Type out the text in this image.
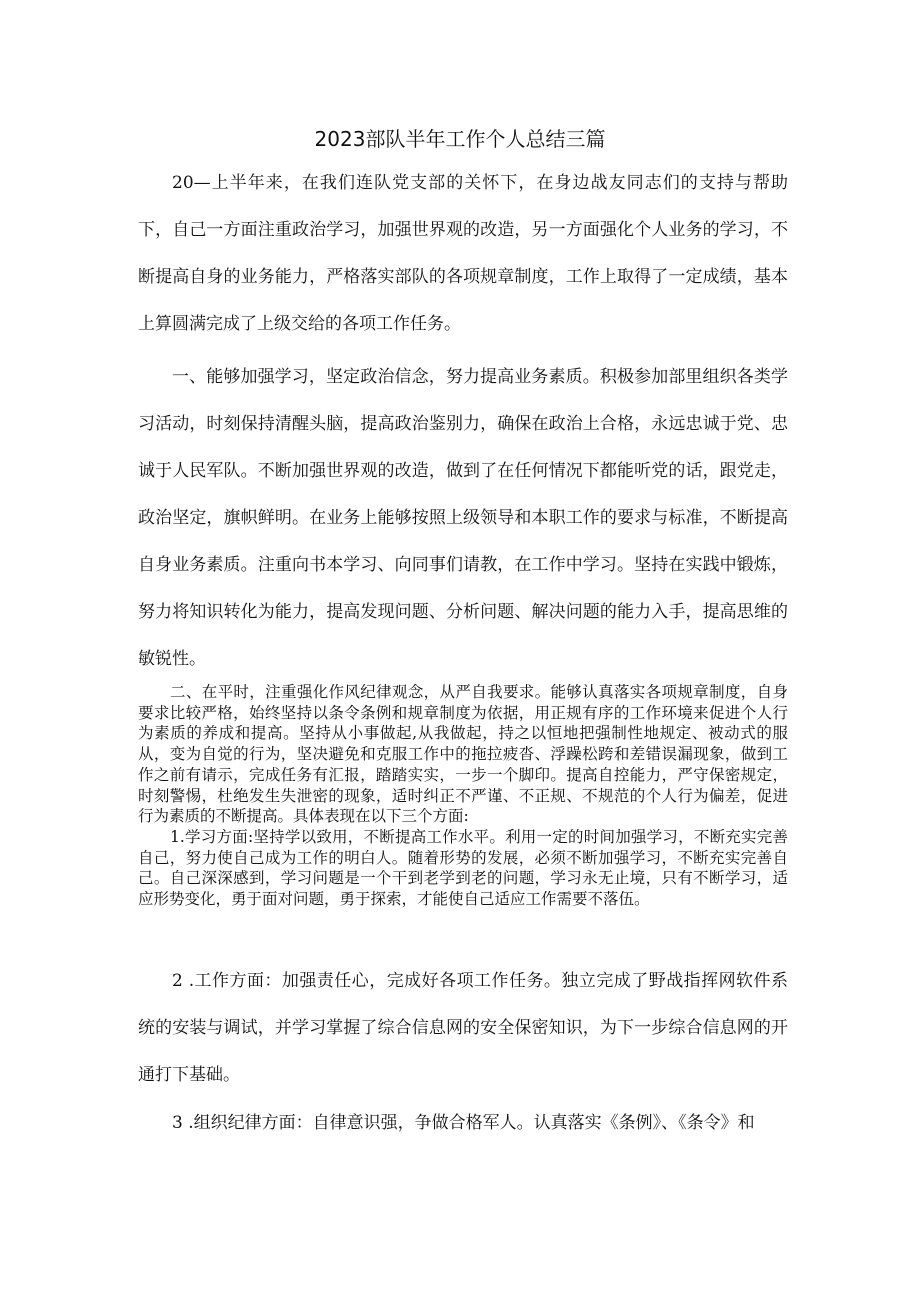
2023部队半年工作个人总结三篇

20—上半年来，在我们连队党支部的关怀下，在身边战友同志们的支持与帮助下，自己一方面注重政治学习，加强世界观的改造，另一方面强化个人业务的学习，不断提高自身的业务能力，严格落实部队的各项规章制度，工作上取得了一定成绩，基本上算圆满完成了上级交给的各项工作任务。

一、能够加强学习，坚定政治信念，努力提高业务素质。积极参加部里组织各类学习活动，时刻保持清醒头脑，提高政治鉴别力，确保在政治上合格，永远忠诚于党、忠诚于人民军队。不断加强世界观的改造，做到了在任何情况下都能听党的话，跟党走，政治坚定，旗帜鲜明。在业务上能够按照上级领导和本职工作的要求与标准，不断提高自身业务素质。注重向书本学习、向同事们请教，在工作中学习。坚持在实践中锻炼，努力将知识转化为能力，提高发现问题、分析问题、解决问题的能力入手，提高思维的敏锐性。

二、在平时，注重强化作风纪律观念，从严自我要求。能够认真落实各项规章制度，自身要求比较严格，始终坚持以条令条例和规章制度为依据，用正规有序的工作环境来促进个人行为素质的养成和提高。坚持从小事做起,从我做起，持之以恒地把强制性地规定、被动式的服从，变为自觉的行为，坚决避免和克服工作中的拖拉疲沓、浮躁松跨和差错误漏现象，做到工作之前有请示，完成任务有汇报，踏踏实实，一步一个脚印。提高自控能力，严守保密规定，时刻警惕，杜绝发生失泄密的现象，适时纠正不严谨、不正规、不规范的个人行为偏差，促进行为素质的不断提高。具体表现在以下三个方面:

1.学习方面:坚持学以致用，不断提高工作水平。利用一定的时间加强学习，不断充实完善自己，努力使自己成为工作的明白人。随着形势的发展，必须不断加强学习，不断充实完善自己。自己深深感到，学习问题是一个干到老学到老的问题，学习永无止境，只有不断学习，适应形势变化，勇于面对问题，勇于探索，才能使自己适应工作需要不落伍。

2 .工作方面：加强责任心，完成好各项工作任务。独立完成了野战指挥网软件系统的安装与调试，并学习掌握了综合信息网的安全保密知识，为下一步综合信息网的开通打下基础。

3 .组织纪律方面：自律意识强，争做合格军人。认真落实《条例》、《条令》和
